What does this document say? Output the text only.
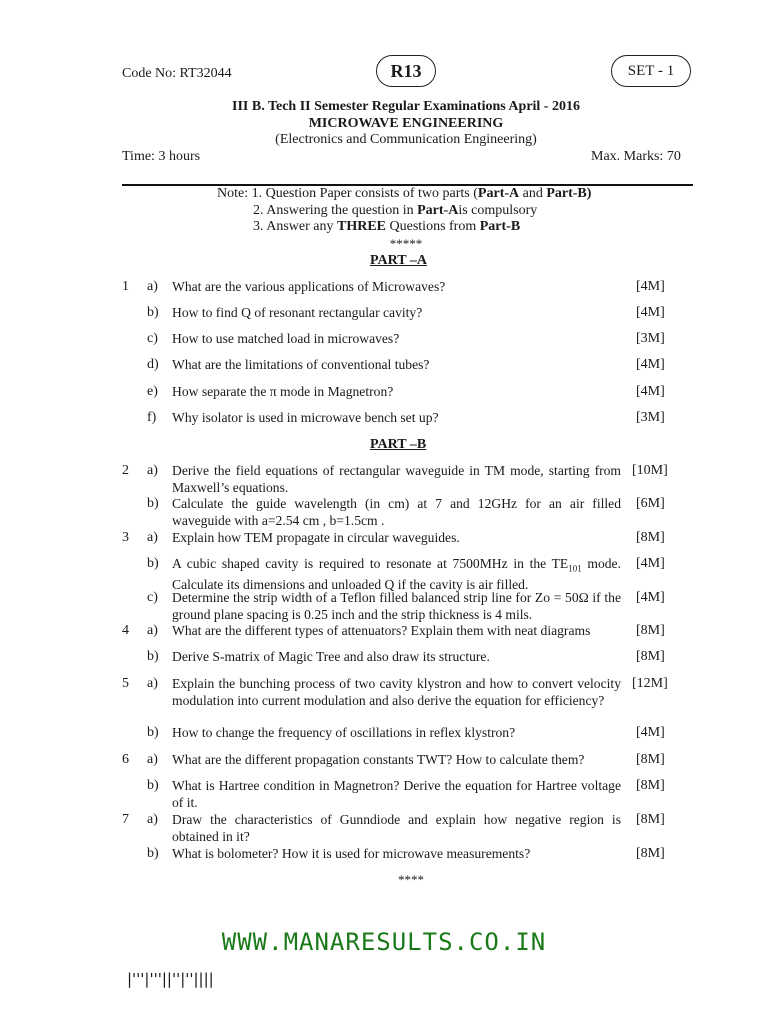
Code No: RT32044	R13	SET - 1
III B. Tech II Semester Regular Examinations April - 2016
MICROWAVE ENGINEERING
(Electronics and Communication Engineering)
Time: 3 hours	Max. Marks: 70
Note: 1. Question Paper consists of two parts (Part-A and Part-B)
2. Answering the question in Part-Ais compulsory
3. Answer any THREE Questions from Part-B
*****
PART –A
1 a) What are the various applications of Microwaves?	[4M]
b) How to find Q of resonant rectangular cavity?	[4M]
c) How to use matched load in microwaves?	[3M]
d) What are the limitations of conventional tubes?	[4M]
e) How separate the π mode in Magnetron?	[4M]
f) Why isolator is used in microwave bench set up?	[3M]
PART –B
2 a) Derive the field equations of rectangular waveguide in TM mode, starting from Maxwell’s equations.
[10M]
b) Calculate the guide wavelength (in cm) at 7 and 12GHz for an air filled waveguide with a=2.54 cm , b=1.5cm .
[6M]
3 a) Explain how TEM propagate in circular waveguides.	[8M]
b) A cubic shaped cavity is required to resonate at 7500MHz in the $TE_{101}$ mode. Calculate its dimensions and unloaded Q if the cavity is air filled.
[4M]
c) Determine the strip width of a Teflon filled balanced strip line for Zo = 50Ω if the ground plane spacing is 0.25 inch and the strip thickness is 4 mils.
[4M]
4 a) What are the different types of attenuators? Explain them with neat diagrams	[8M]
b) Derive S-matrix of Magic Tree and also draw its structure.	[8M]
5 a) Explain the bunching process of two cavity klystron and how to convert velocity modulation into current modulation and also derive the equation for efficiency?
[12M]
b) How to change the frequency of oscillations in reflex klystron?	[4M]
6 a) What are the different propagation constants TWT? How to calculate them?	[8M]
b) What is Hartree condition in Magnetron? Derive the equation for Hartree voltage of it.
[8M]
7 a) Draw the characteristics of Gunndiode and explain how negative region is obtained in it?
[8M]
b) What is bolometer? How it is used for microwave measurements?	[8M]
****
WWW.MANARESULTS.CO.IN
|'''|'''||''|''||||
